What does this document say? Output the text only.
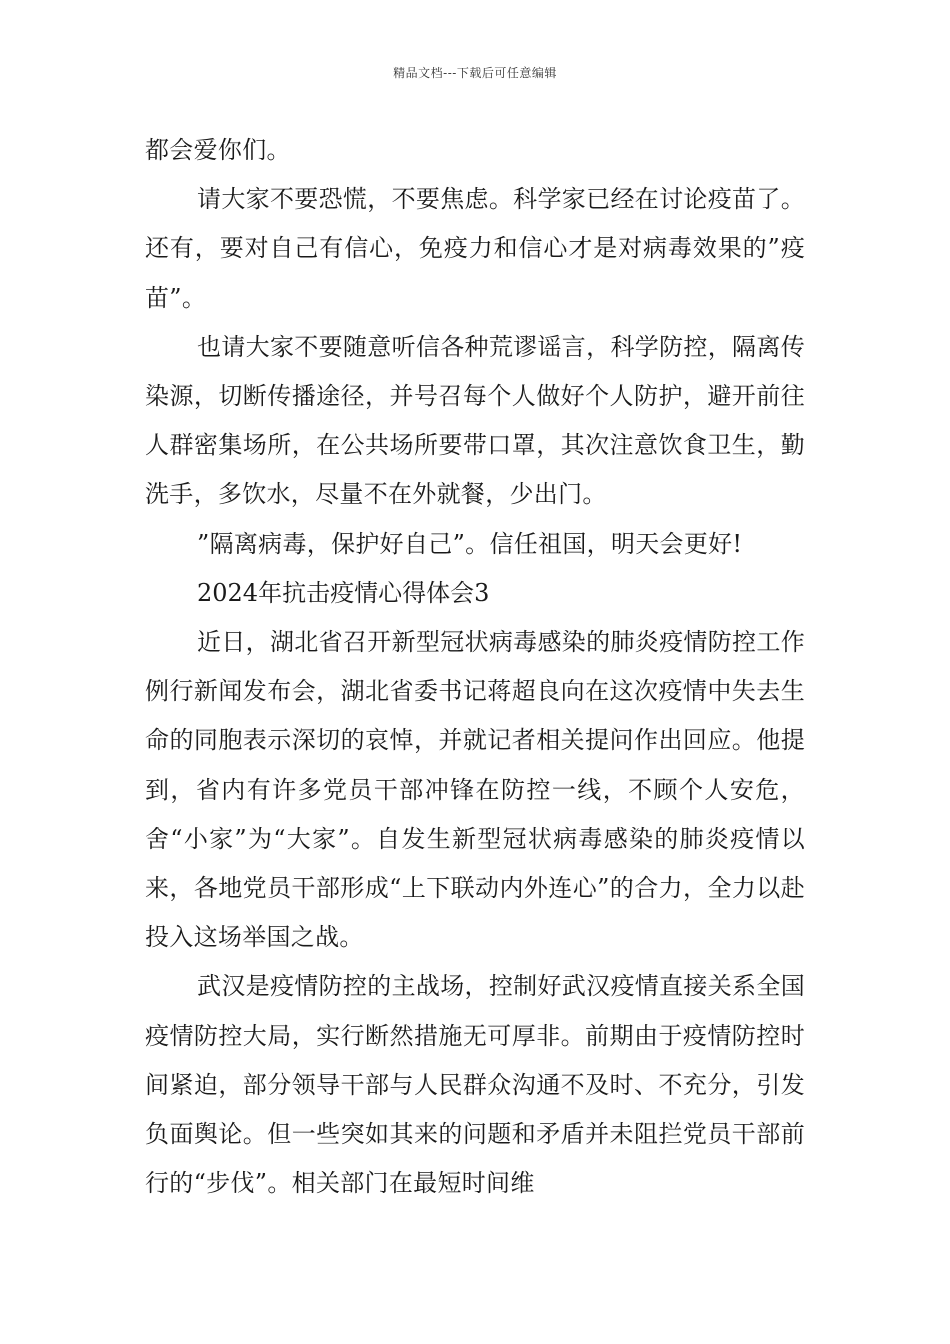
精品文档---下载后可任意编辑

都会爱你们。

请大家不要恐慌，不要焦虑。科学家已经在讨论疫苗了。还有，要对自己有信心，免疫力和信心才是对病毒效果的”疫苗”。

也请大家不要随意听信各种荒谬谣言，科学防控，隔离传染源，切断传播途径，并号召每个人做好个人防护，避开前往人群密集场所，在公共场所要带口罩，其次注意饮食卫生，勤洗手，多饮水，尽量不在外就餐，少出门。

”隔离病毒，保护好自己”。信任祖国，明天会更好!

2024年抗击疫情心得体会3

近日，湖北省召开新型冠状病毒感染的肺炎疫情防控工作例行新闻发布会，湖北省委书记蒋超良向在这次疫情中失去生命的同胞表示深切的哀悼，并就记者相关提问作出回应。他提到，省内有许多党员干部冲锋在防控一线，不顾个人安危，舍“小家”为“大家”。自发生新型冠状病毒感染的肺炎疫情以来，各地党员干部形成“上下联动内外连心”的合力，全力以赴投入这场举国之战。

武汉是疫情防控的主战场，控制好武汉疫情直接关系全国疫情防控大局，实行断然措施无可厚非。前期由于疫情防控时间紧迫，部分领导干部与人民群众沟通不及时、不充分，引发负面舆论。但一些突如其来的问题和矛盾并未阻拦党员干部前行的“步伐”。相关部门在最短时间维
